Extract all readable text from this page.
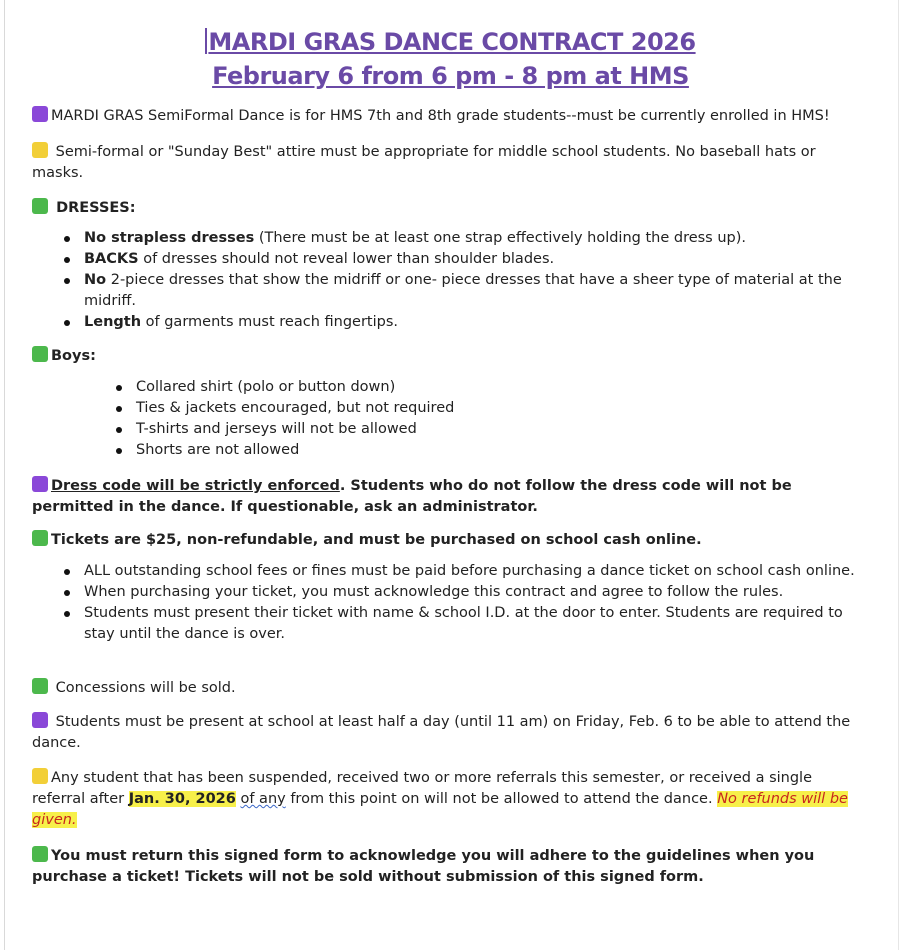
MARDI GRAS DANCE CONTRACT 2026
February 6 from 6 pm - 8 pm at HMS
MARDI GRAS SemiFormal Dance is for HMS 7th and 8th grade students--must be currently enrolled in HMS!
Semi-formal or "Sunday Best" attire must be appropriate for middle school students. No baseball hats or masks.
DRESSES:
No strapless dresses (There must be at least one strap effectively holding the dress up).
BACKS of dresses should not reveal lower than shoulder blades.
No 2-piece dresses that show the midriff or one- piece dresses that have a sheer type of material at the midriff.
Length of garments must reach fingertips.
Boys:
Collared shirt (polo or button down)
Ties & jackets encouraged, but not required
T-shirts and jerseys will not be allowed
Shorts are not allowed
Dress code will be strictly enforced. Students who do not follow the dress code will not be permitted in the dance. If questionable, ask an administrator.
Tickets are $25, non-refundable, and must be purchased on school cash online.
ALL outstanding school fees or fines must be paid before purchasing a dance ticket on school cash online.
When purchasing your ticket, you must acknowledge this contract and agree to follow the rules.
Students must present their ticket with name & school I.D. at the door to enter. Students are required to stay until the dance is over.
Concessions will be sold.
Students must be present at school at least half a day (until 11 am) on Friday, Feb. 6 to be able to attend the dance.
Any student that has been suspended, received two or more referrals this semester, or received a single referral after Jan. 30, 2026 of any from this point on will not be allowed to attend the dance. No refunds will be given.
You must return this signed form to acknowledge you will adhere to the guidelines when you purchase a ticket! Tickets will not be sold without submission of this signed form.
